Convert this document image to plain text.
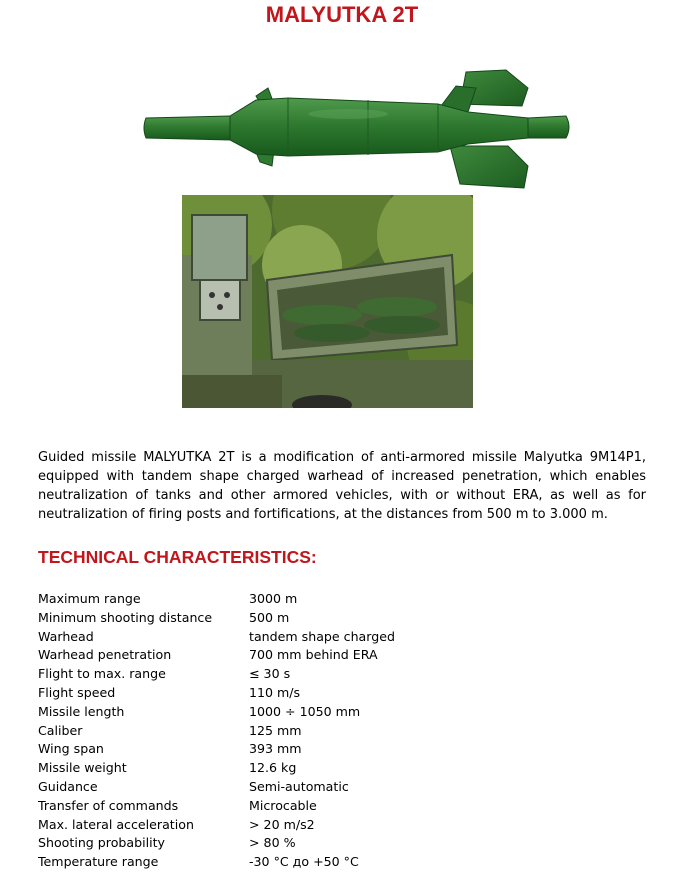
MALYUTKA 2T
Guided missile MALYUTKA 2T is a modification of anti-armored missile Malyutka 9M14P1, equipped with tandem shape charged warhead of increased penetration, which enables neutralization of tanks and other armored vehicles, with or without ERA, as well as for neutralization of firing posts and fortifications, at the distances from 500 m to 3.000 m.
TECHNICAL CHARACTERISTICS:
Maximum range	3000 m
Minimum shooting distance	500 m
Warhead	tandem shape charged
Warhead penetration	700 mm behind ERA
Flight to max. range	≤ 30 s
Flight speed	110 m/s
Missile length	1000 ÷ 1050 mm
Caliber	125 mm
Wing span	393 mm
Missile weight	12.6 kg
Guidance	Semi-automatic
Transfer of commands	Microcable
Max. lateral acceleration	> 20 m/s2
Shooting probability	> 80 %
Temperature range	-30 °C до +50 °C
